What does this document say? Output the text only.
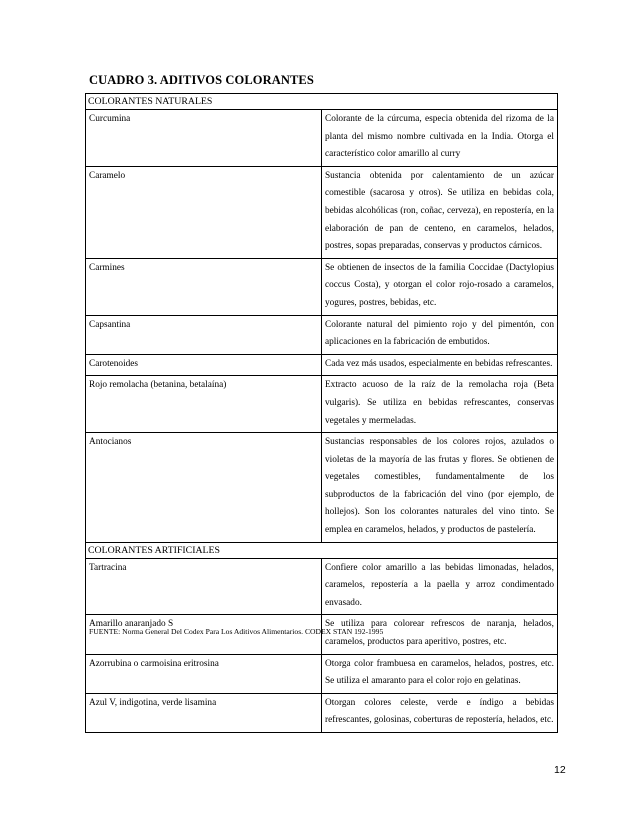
CUADRO 3. ADITIVOS COLORANTES
COLORANTES NATURALES	
Curcumina	Colorante de la cúrcuma, especia obtenida del rizoma de la planta del mismo nombre cultivada en la India. Otorga el característico color amarillo al curry
Caramelo	Sustancia obtenida por calentamiento de un azúcar comestible (sacarosa y otros). Se utiliza en bebidas cola, bebidas alcohólicas (ron, coñac, cerveza), en repostería, en la elaboración de pan de centeno, en caramelos, helados, postres, sopas preparadas, conservas y productos cárnicos.
Carmines	Se obtienen de insectos de la familia Coccidae (Dactylopius coccus Costa), y otorgan el color rojo-rosado a caramelos, yogures, postres, bebidas, etc.
Capsantina	Colorante natural del pimiento rojo y del pimentón, con aplicaciones en la fabricación de embutidos.
Carotenoides	Cada vez más usados, especialmente en bebidas refrescantes.
Rojo remolacha (betanina, betalaína)	Extracto acuoso de la raíz de la remolacha roja (Beta vulgaris). Se utiliza en bebidas refrescantes, conservas vegetales y mermeladas.
Antocianos	Sustancias responsables de los colores rojos, azulados o violetas de la mayoría de las frutas y flores. Se obtienen de vegetales comestibles, fundamentalmente de los subproductos de la fabricación del vino (por ejemplo, de hollejos). Son los colorantes naturales del vino tinto. Se emplea en caramelos, helados, y productos de pastelería.
COLORANTES ARTIFICIALES	
Tartracina	Confiere color amarillo a las bebidas limonadas, helados, caramelos, repostería a la paella y arroz condimentado envasado.
Amarillo anaranjado S	Se utiliza para colorear refrescos de naranja, helados, caramelos, productos para aperitivo, postres, etc.
Azorrubina o carmoisina eritrosina	Otorga color frambuesa en caramelos, helados, postres, etc. Se utiliza el amaranto para el color rojo en gelatinas.
Azul V, indigotina, verde lisamina	Otorgan colores celeste, verde e índigo a bebidas refrescantes, golosinas, coberturas de repostería, helados, etc.
FUENTE: Norma General Del Codex Para Los Aditivos Alimentarios. CODEX STAN 192-1995
12
